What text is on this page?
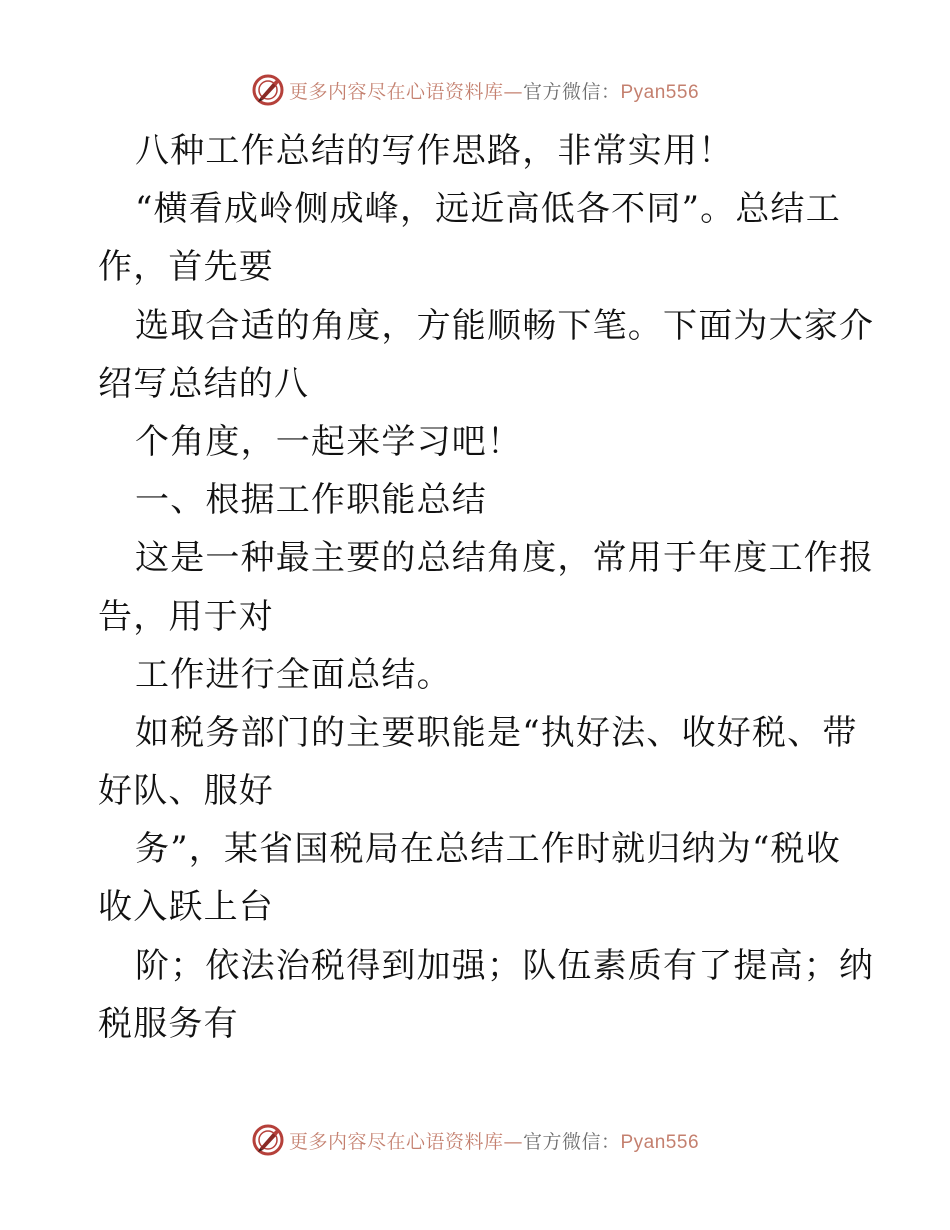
更多内容尽在心语资料库—官方微信：Pyan556
八种工作总结的写作思路，非常实用！
“横看成岭侧成峰，远近高低各不同”。总结工
作，首先要
选取合适的角度，方能顺畅下笔。下面为大家介
绍写总结的八
个角度，一起来学习吧！
一、根据工作职能总结
这是一种最主要的总结角度，常用于年度工作报
告，用于对
工作进行全面总结。
如税务部门的主要职能是“执好法、收好税、带
好队、服好
务”，某省国税局在总结工作时就归纳为“税收
收入跃上台
阶；依法治税得到加强；队伍素质有了提高；纳
税服务有
更多内容尽在心语资料库—官方微信：Pyan556
